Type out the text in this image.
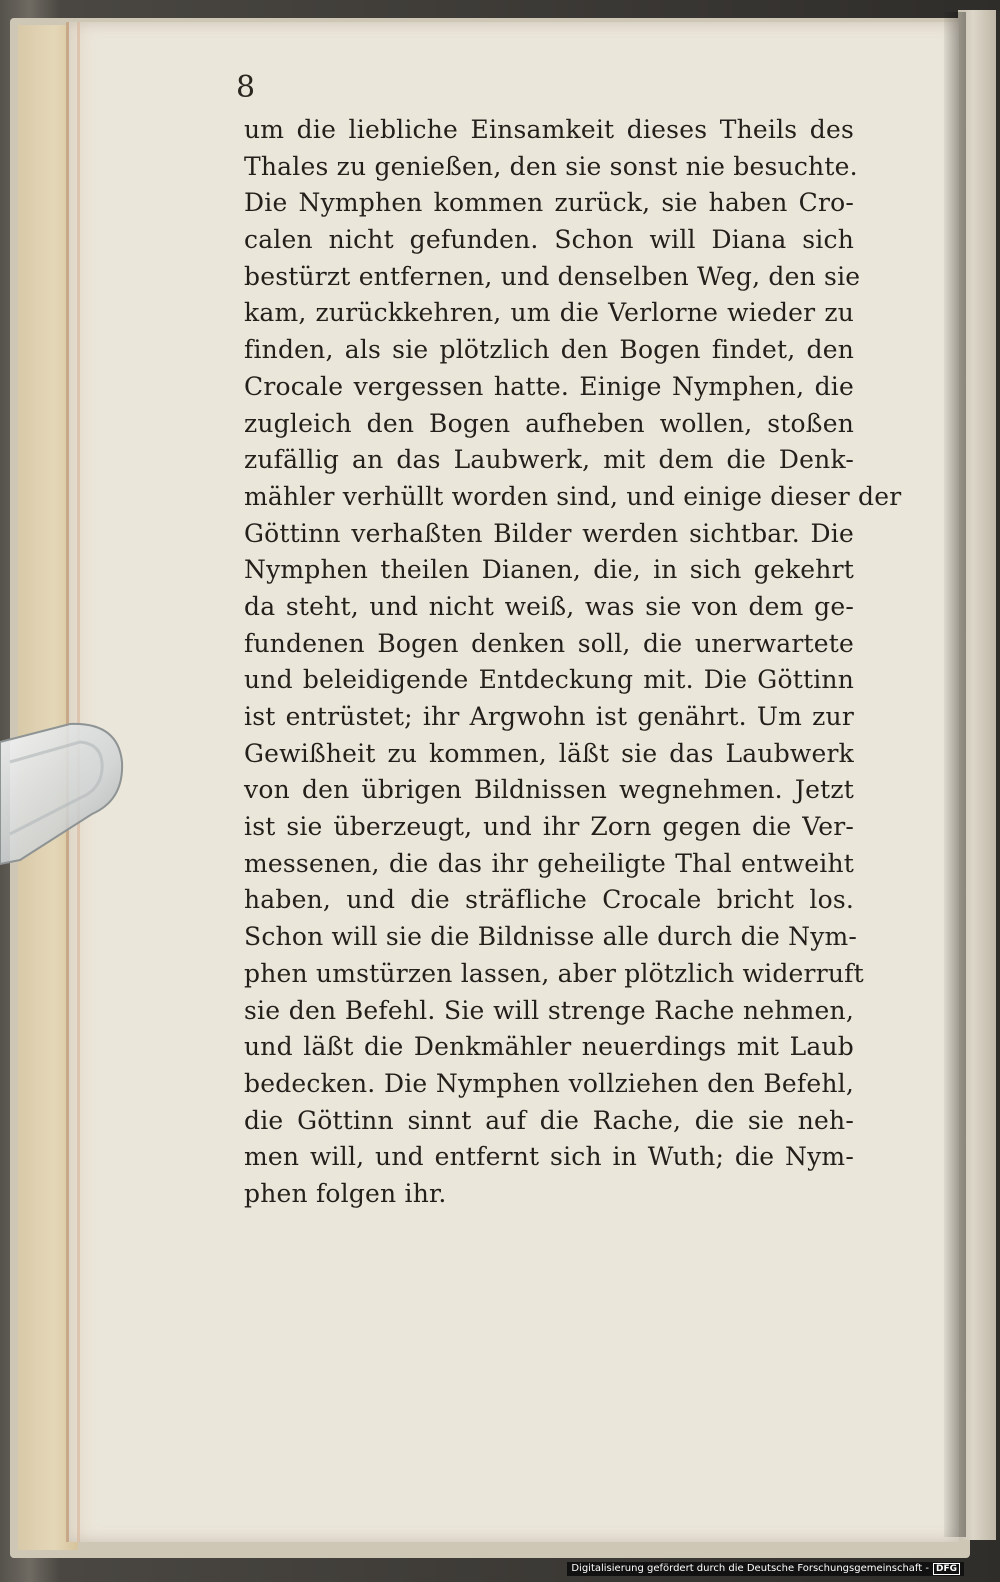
8
um die liebliche Einsamkeit dieses Theils des
Thales zu genießen, den sie sonst nie besuchte.
Die Nymphen kommen zurück, sie haben Cro-
calen nicht gefunden. Schon will Diana sich
bestürzt entfernen, und denselben Weg, den sie
kam, zurückkehren, um die Verlorne wieder zu
finden, als sie plötzlich den Bogen findet, den
Crocale vergessen hatte. Einige Nymphen, die
zugleich den Bogen aufheben wollen, stoßen
zufällig an das Laubwerk, mit dem die Denk-
mähler verhüllt worden sind, und einige dieser der
Göttinn verhaßten Bilder werden sichtbar. Die
Nymphen theilen Dianen, die, in sich gekehrt
da steht, und nicht weiß, was sie von dem ge-
fundenen Bogen denken soll, die unerwartete
und beleidigende Entdeckung mit. Die Göttinn
ist entrüstet; ihr Argwohn ist genährt. Um zur
Gewißheit zu kommen, läßt sie das Laubwerk
von den übrigen Bildnissen wegnehmen. Jetzt
ist sie überzeugt, und ihr Zorn gegen die Ver-
messenen, die das ihr geheiligte Thal entweiht
haben, und die sträfliche Crocale bricht los.
Schon will sie die Bildnisse alle durch die Nym-
phen umstürzen lassen, aber plötzlich widerruft
sie den Befehl. Sie will strenge Rache nehmen,
und läßt die Denkmähler neuerdings mit Laub
bedecken. Die Nymphen vollziehen den Befehl,
die Göttinn sinnt auf die Rache, die sie neh-
men will, und entfernt sich in Wuth; die Nym-
phen folgen ihr.
Digitalisierung gefördert durch die Deutsche Forschungsgemeinschaft - DFG
